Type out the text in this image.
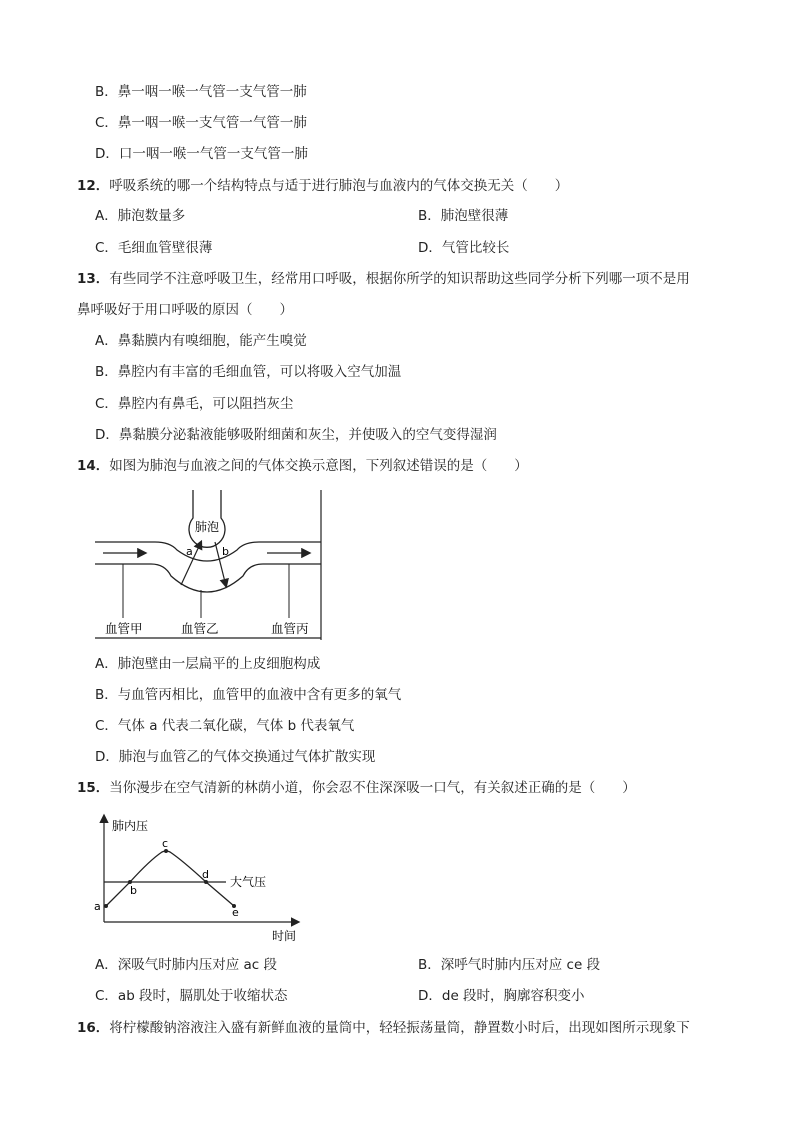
B．鼻一咽一喉一气管一支气管一肺
C．鼻一咽一喉一支气管一气管一肺
D．口一咽一喉一气管一支气管一肺
12．呼吸系统的哪一个结构特点与适于进行肺泡与血液内的气体交换无关（　　）
A．肺泡数量多	B．肺泡壁很薄
C．毛细血管壁很薄	D．气管比较长
13．有些同学不注意呼吸卫生，经常用口呼吸，根据你所学的知识帮助这些同学分析下列哪一项不是用
鼻呼吸好于用口呼吸的原因（　　）
A．鼻黏膜内有嗅细胞，能产生嗅觉
B．鼻腔内有丰富的毛细血管，可以将吸入空气加温
C．鼻腔内有鼻毛，可以阻挡灰尘
D．鼻黏膜分泌黏液能够吸附细菌和灰尘，并使吸入的空气变得湿润
14．如图为肺泡与血液之间的气体交换示意图，下列叙述错误的是（　　）
肺泡
a	b
血管甲	血管乙	血管丙
A．肺泡壁由一层扁平的上皮细胞构成
B．与血管丙相比，血管甲的血液中含有更多的氧气
C．气体 a 代表二氧化碳，气体 b 代表氧气
D．肺泡与血管乙的气体交换通过气体扩散实现
15．当你漫步在空气清新的林荫小道，你会忍不住深深吸一口气，有关叙述正确的是（　　）
肺内压
时间
大气压
a
b
c
d
e
A．深吸气时肺内压对应 ac 段	B．深呼气时肺内压对应 ce 段
C．ab 段时，膈肌处于收缩状态	D．de 段时，胸廓容积变小
16．将柠檬酸钠溶液注入盛有新鲜血液的量筒中，轻轻振荡量筒，静置数小时后，出现如图所示现象下
